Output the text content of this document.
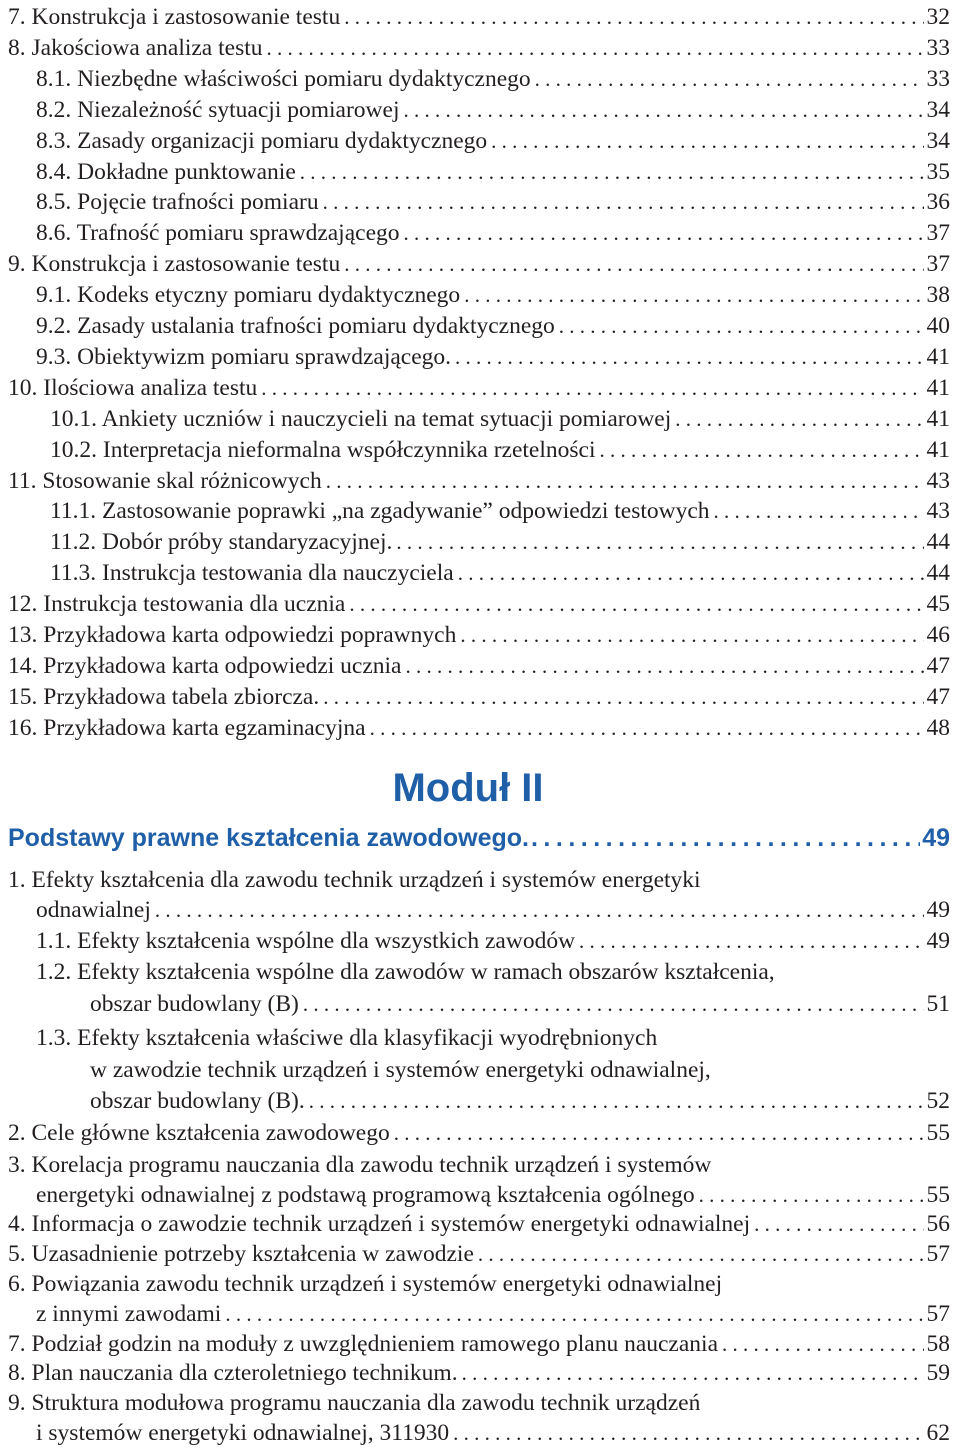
7. Konstrukcja i zastosowanie testu . . .	32
8. Jakościowa analiza testu . . .	33
8.1. Niezbędne właściwości pomiaru dydaktycznego . . .	33
8.2. Niezależność sytuacji pomiarowej . . .	34
8.3. Zasady organizacji pomiaru dydaktycznego . . .	34
8.4. Dokładne punktowanie . . .	35
8.5. Pojęcie trafności pomiaru . . .	36
8.6. Trafność pomiaru sprawdzającego . . .	37
9. Konstrukcja i zastosowanie testu . . .	37
9.1. Kodeks etyczny pomiaru dydaktycznego . . .	38
9.2. Zasady ustalania trafności pomiaru dydaktycznego . . .	40
9.3. Obiektywizm pomiaru sprawdzającego. . . .	41
10. Ilościowa analiza testu . . .	41
10.1. Ankiety uczniów i nauczycieli na temat sytuacji pomiarowej . . .	41
10.2. Interpretacja nieformalna współczynnika rzetelności . . .	41
11. Stosowanie skal różnicowych . . .	43
11.1. Zastosowanie poprawki „na zgadywanie” odpowiedzi testowych . . .	43
11.2. Dobór próby standaryzacyjnej. . . .	44
11.3. Instrukcja testowania dla nauczyciela . . .	44
12. Instrukcja testowania dla ucznia . . .	45
13. Przykładowa karta odpowiedzi poprawnych . . .	46
14. Przykładowa karta odpowiedzi ucznia . . .	47
15. Przykładowa tabela zbiorcza. . . .	47
16. Przykładowa karta egzaminacyjna . . .	48
Moduł II
Podstawy prawne kształcenia zawodowego. .....	49
1. Efekty kształcenia dla zawodu technik urządzeń i systemów energetyki
odnawialnej . . .	49
1.1. Efekty kształcenia wspólne dla wszystkich zawodów . . .	49
1.2. Efekty kształcenia wspólne dla zawodów w ramach obszarów kształcenia,
obszar budowlany (B) . . .	51
1.3. Efekty kształcenia właściwe dla klasyfikacji wyodrębnionych
w zawodzie technik urządzeń i systemów energetyki odnawialnej,
obszar budowlany (B). . . .	52
2. Cele główne kształcenia zawodowego . . .	55
3. Korelacja programu nauczania dla zawodu technik urządzeń i systemów
energetyki odnawialnej z podstawą programową kształcenia ogólnego . . .	55
4. Informacja o zawodzie technik urządzeń i systemów energetyki odnawialnej . . .	56
5. Uzasadnienie potrzeby kształcenia w zawodzie . . .	57
6. Powiązania zawodu technik urządzeń i systemów energetyki odnawialnej
z innymi zawodami . . .	57
7. Podział godzin na moduły z uwzględnieniem ramowego planu nauczania . . .	58
8. Plan nauczania dla czteroletniego technikum. . . .	59
9. Struktura modułowa programu nauczania dla zawodu technik urządzeń
i systemów energetyki odnawialnej, 311930 . . .	62
